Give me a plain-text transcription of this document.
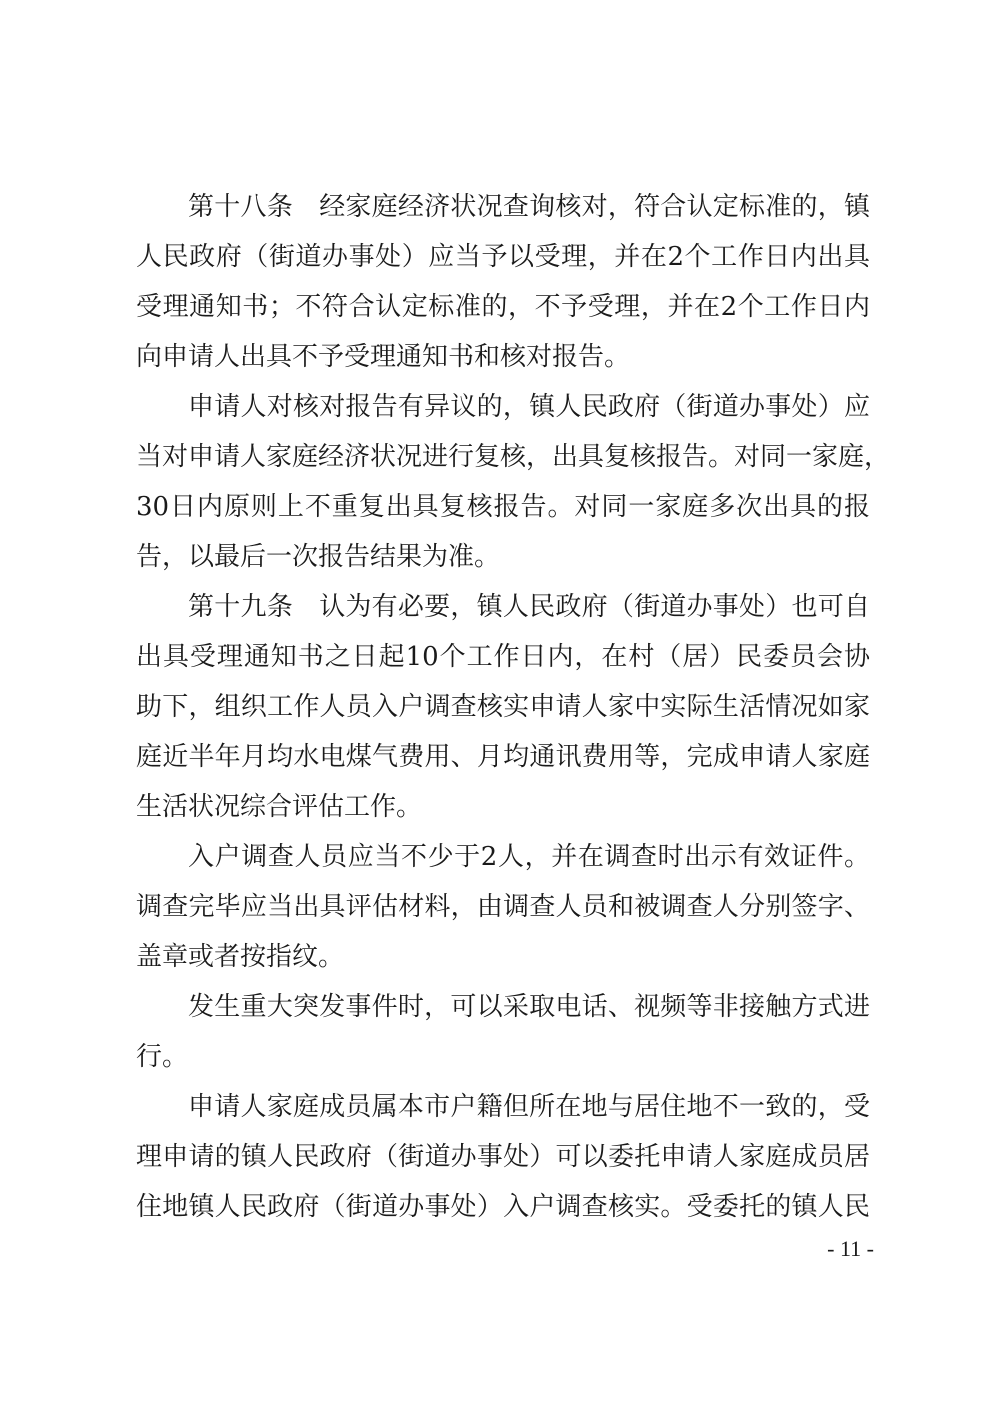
第十八条　经家庭经济状况查询核对，符合认定标准的，镇
人民政府（街道办事处）应当予以受理，并在2个工作日内出具
受理通知书；不符合认定标准的，不予受理，并在2个工作日内
向申请人出具不予受理通知书和核对报告。
申请人对核对报告有异议的，镇人民政府（街道办事处）应
当对申请人家庭经济状况进行复核，出具复核报告。对同一家庭，
30日内原则上不重复出具复核报告。对同一家庭多次出具的报
告，以最后一次报告结果为准。
第十九条　认为有必要，镇人民政府（街道办事处）也可自
出具受理通知书之日起10个工作日内，在村（居）民委员会协
助下，组织工作人员入户调查核实申请人家中实际生活情况如家
庭近半年月均水电煤气费用、月均通讯费用等，完成申请人家庭
生活状况综合评估工作。
入户调查人员应当不少于2人，并在调查时出示有效证件。
调查完毕应当出具评估材料，由调查人员和被调查人分别签字、
盖章或者按指纹。
发生重大突发事件时，可以采取电话、视频等非接触方式进
行。
申请人家庭成员属本市户籍但所在地与居住地不一致的，受
理申请的镇人民政府（街道办事处）可以委托申请人家庭成员居
住地镇人民政府（街道办事处）入户调查核实。受委托的镇人民
- 11 -
